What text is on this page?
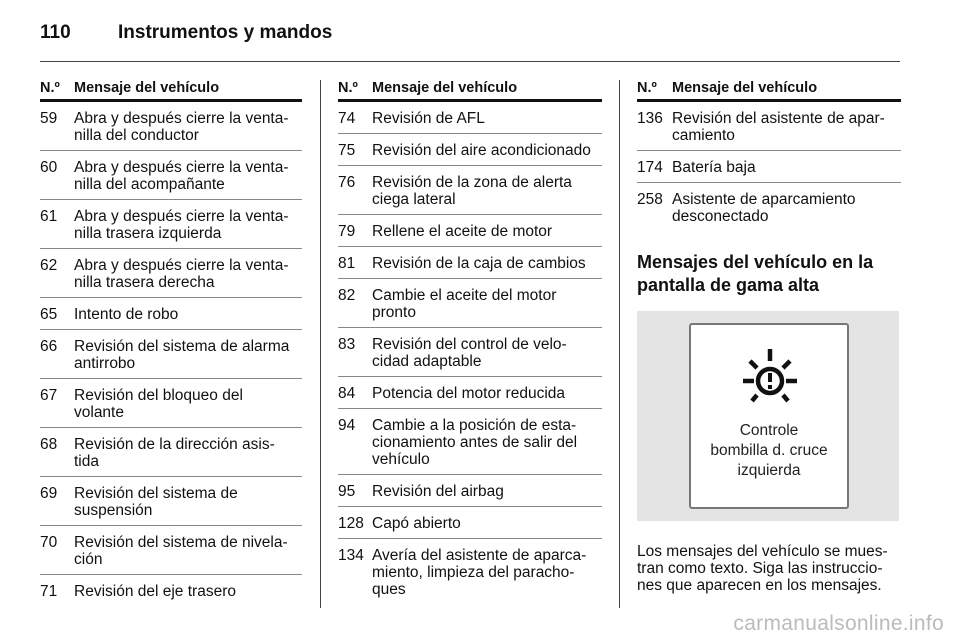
110	Instrumentos y mandos
N.º Mensaje del vehículo
59	Abra y después cierre la venta-
nilla del conductor
60	Abra y después cierre la venta-
nilla del acompañante
61	Abra y después cierre la venta-
nilla trasera izquierda
62	Abra y después cierre la venta-
nilla trasera derecha
65	Intento de robo
66	Revisión del sistema de alarma
antirrobo
67	Revisión del bloqueo del
volante
68	Revisión de la dirección asis-
tida
69	Revisión del sistema de
suspensión
70	Revisión del sistema de nivela-
ción
71	Revisión del eje trasero
N.º Mensaje del vehículo
74	Revisión de AFL
75	Revisión del aire acondicionado
76	Revisión de la zona de alerta
ciega lateral
79	Rellene el aceite de motor
81	Revisión de la caja de cambios
82	Cambie el aceite del motor
pronto
83	Revisión del control de velo-
cidad adaptable
84	Potencia del motor reducida
94	Cambie a la posición de esta-
cionamiento antes de salir del
vehículo
95	Revisión del airbag
128 Capó abierto
134 Avería del asistente de aparca-
miento, limpieza del paracho-
ques
N.º	Mensaje del vehículo
136 Revisión del asistente de apar-
camiento
174 Batería baja
258 Asistente de aparcamiento
desconectado
Mensajes del vehículo en la
pantalla de gama alta
Controle
bombilla d. cruce
izquierda
Los mensajes del vehículo se mues-
tran como texto. Siga las instruccio-
nes que aparecen en los mensajes.
carmanualsonline.info
